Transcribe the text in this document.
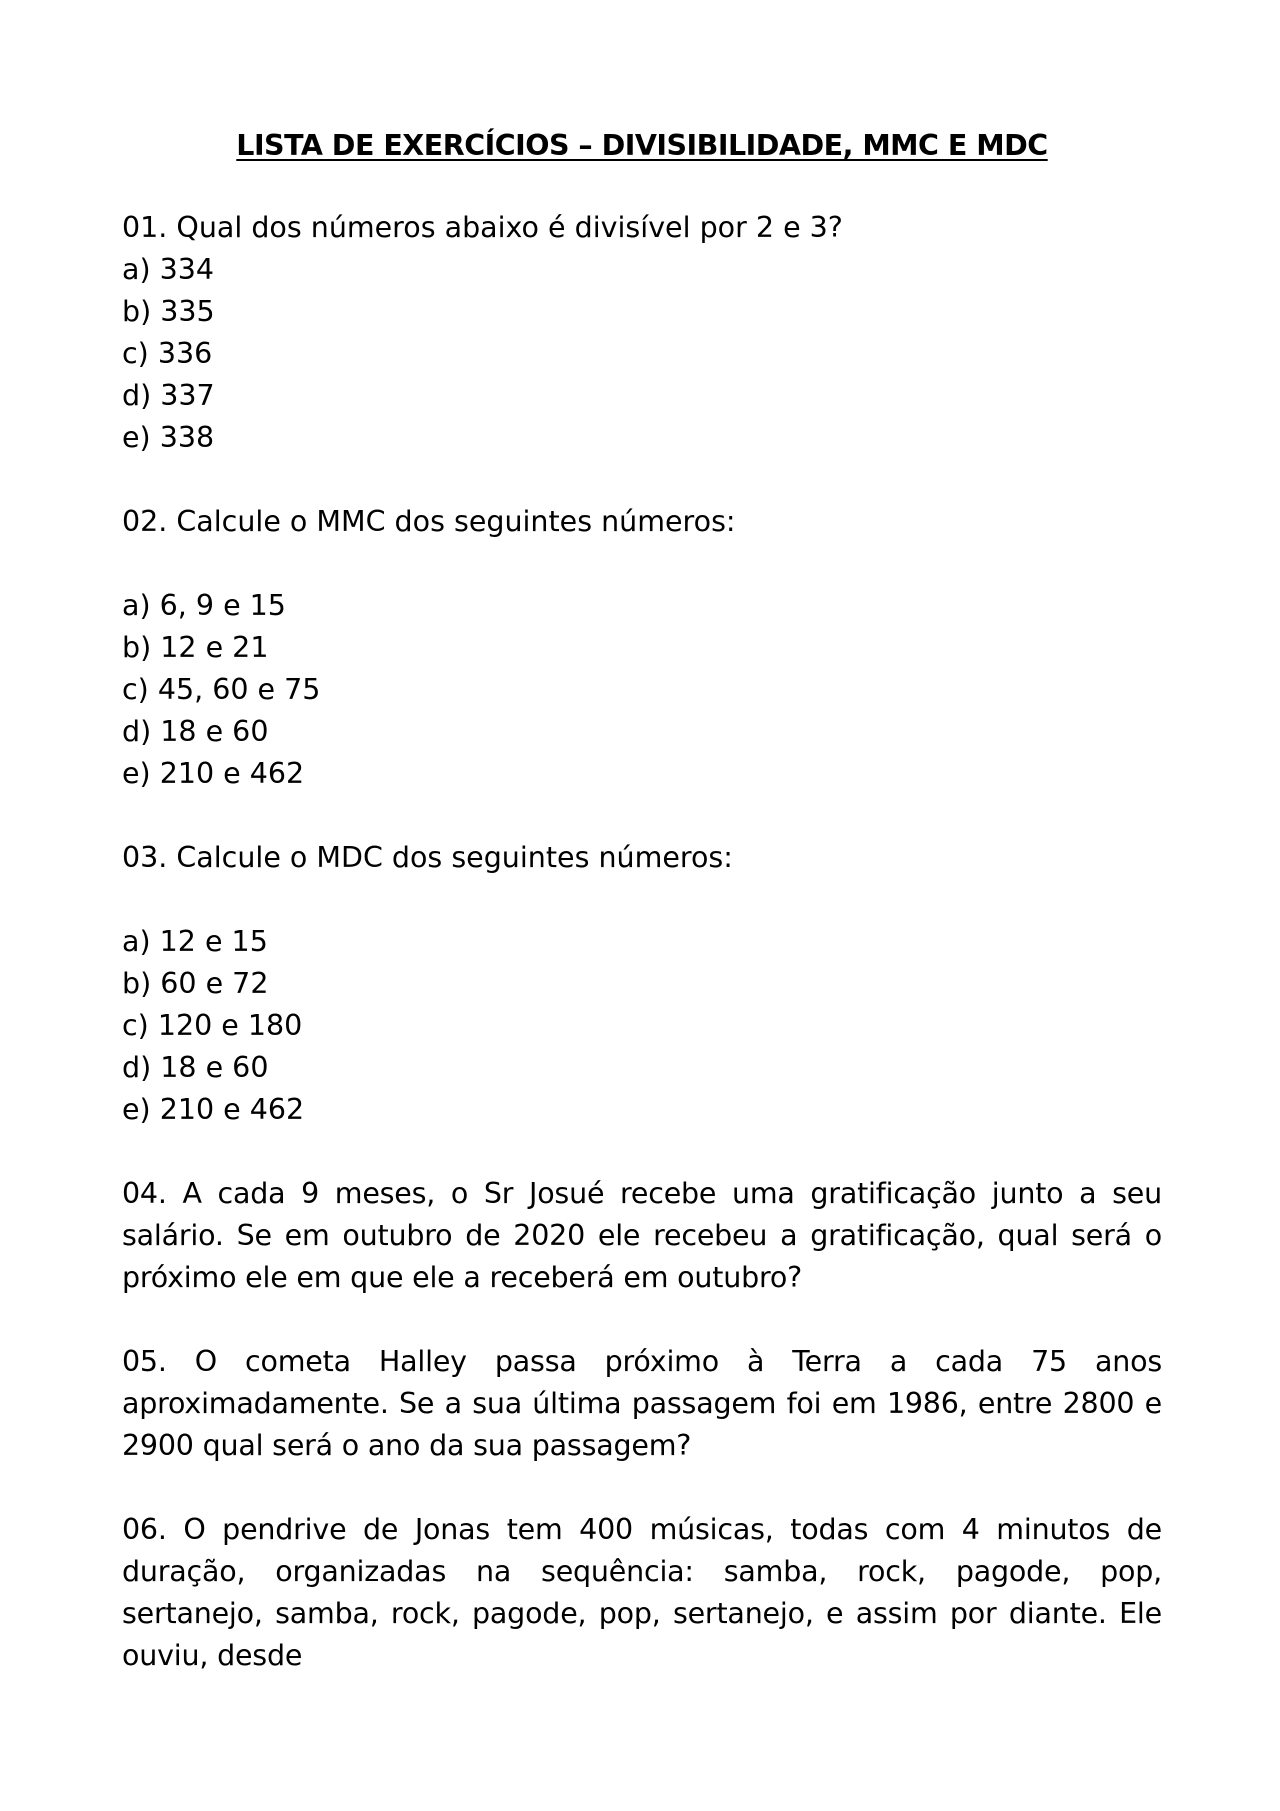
LISTA DE EXERCÍCIOS – DIVISIBILIDADE, MMC E MDC

01. Qual dos números abaixo é divisível por 2 e 3?

a) 334

b) 335

c) 336

d) 337

e) 338

02. Calcule o MMC dos seguintes números:

a) 6, 9 e 15

b) 12 e 21

c) 45, 60 e 75

d) 18 e 60

e) 210 e 462

03. Calcule o MDC dos seguintes números:

a) 12 e 15

b) 60 e 72

c) 120 e 180

d) 18 e 60

e) 210 e 462

04. A cada 9 meses, o Sr Josué recebe uma gratificação junto a seu salário. Se em outubro de 2020 ele recebeu a gratificação, qual será o próximo ele em que ele a receberá em outubro?

05. O cometa Halley passa próximo à Terra a cada 75 anos aproximadamente. Se a sua última passagem foi em 1986, entre 2800 e 2900 qual será o ano da sua passagem?

06. O pendrive de Jonas tem 400 músicas, todas com 4 minutos de duração, organizadas na sequência: samba, rock, pagode, pop, sertanejo, samba, rock, pagode, pop, sertanejo, e assim por diante. Ele ouviu, desde
